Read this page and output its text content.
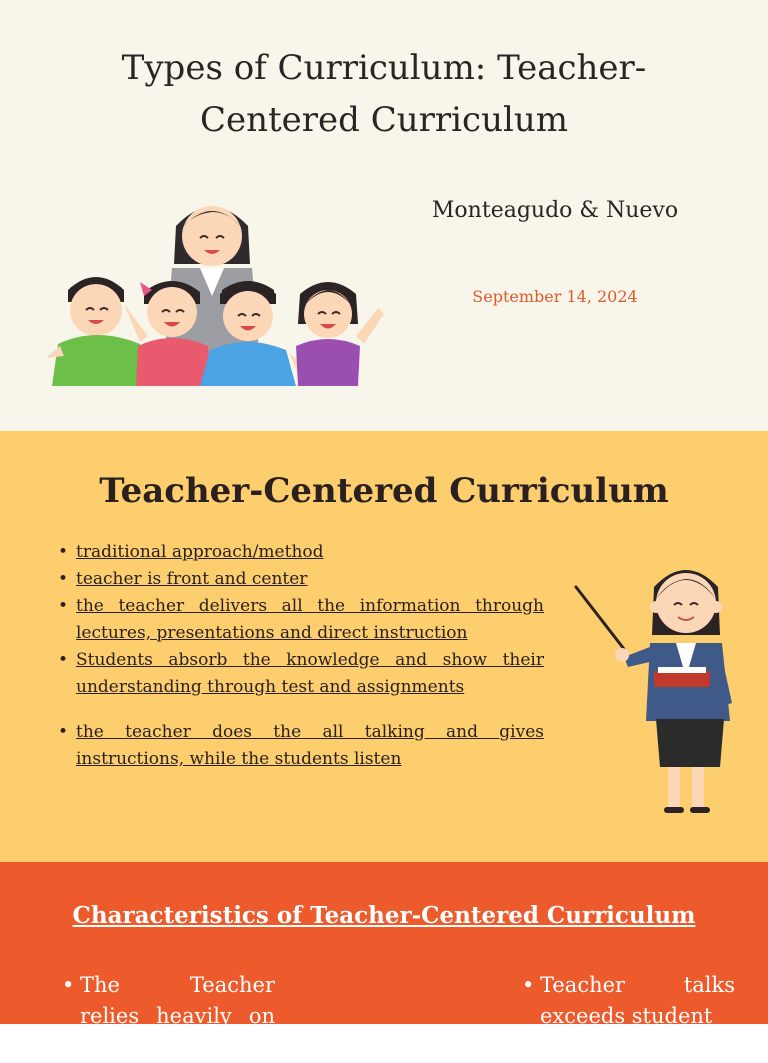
Types of Curriculum: Teacher-Centered Curriculum
Monteagudo & Nuevo
September 14, 2024
Teacher-Centered Curriculum
• traditional approach/method
• teacher is front and center
• the teacher delivers all the information through lectures, presentations and direct instruction
• Students absorb the knowledge and show their understanding through test and assignments
• the teacher does the all talking and gives instructions, while the students listen
Characteristics of Teacher-Centered Curriculum
• The Teacher relies heavily on the
• Teacher talks exceeds student
